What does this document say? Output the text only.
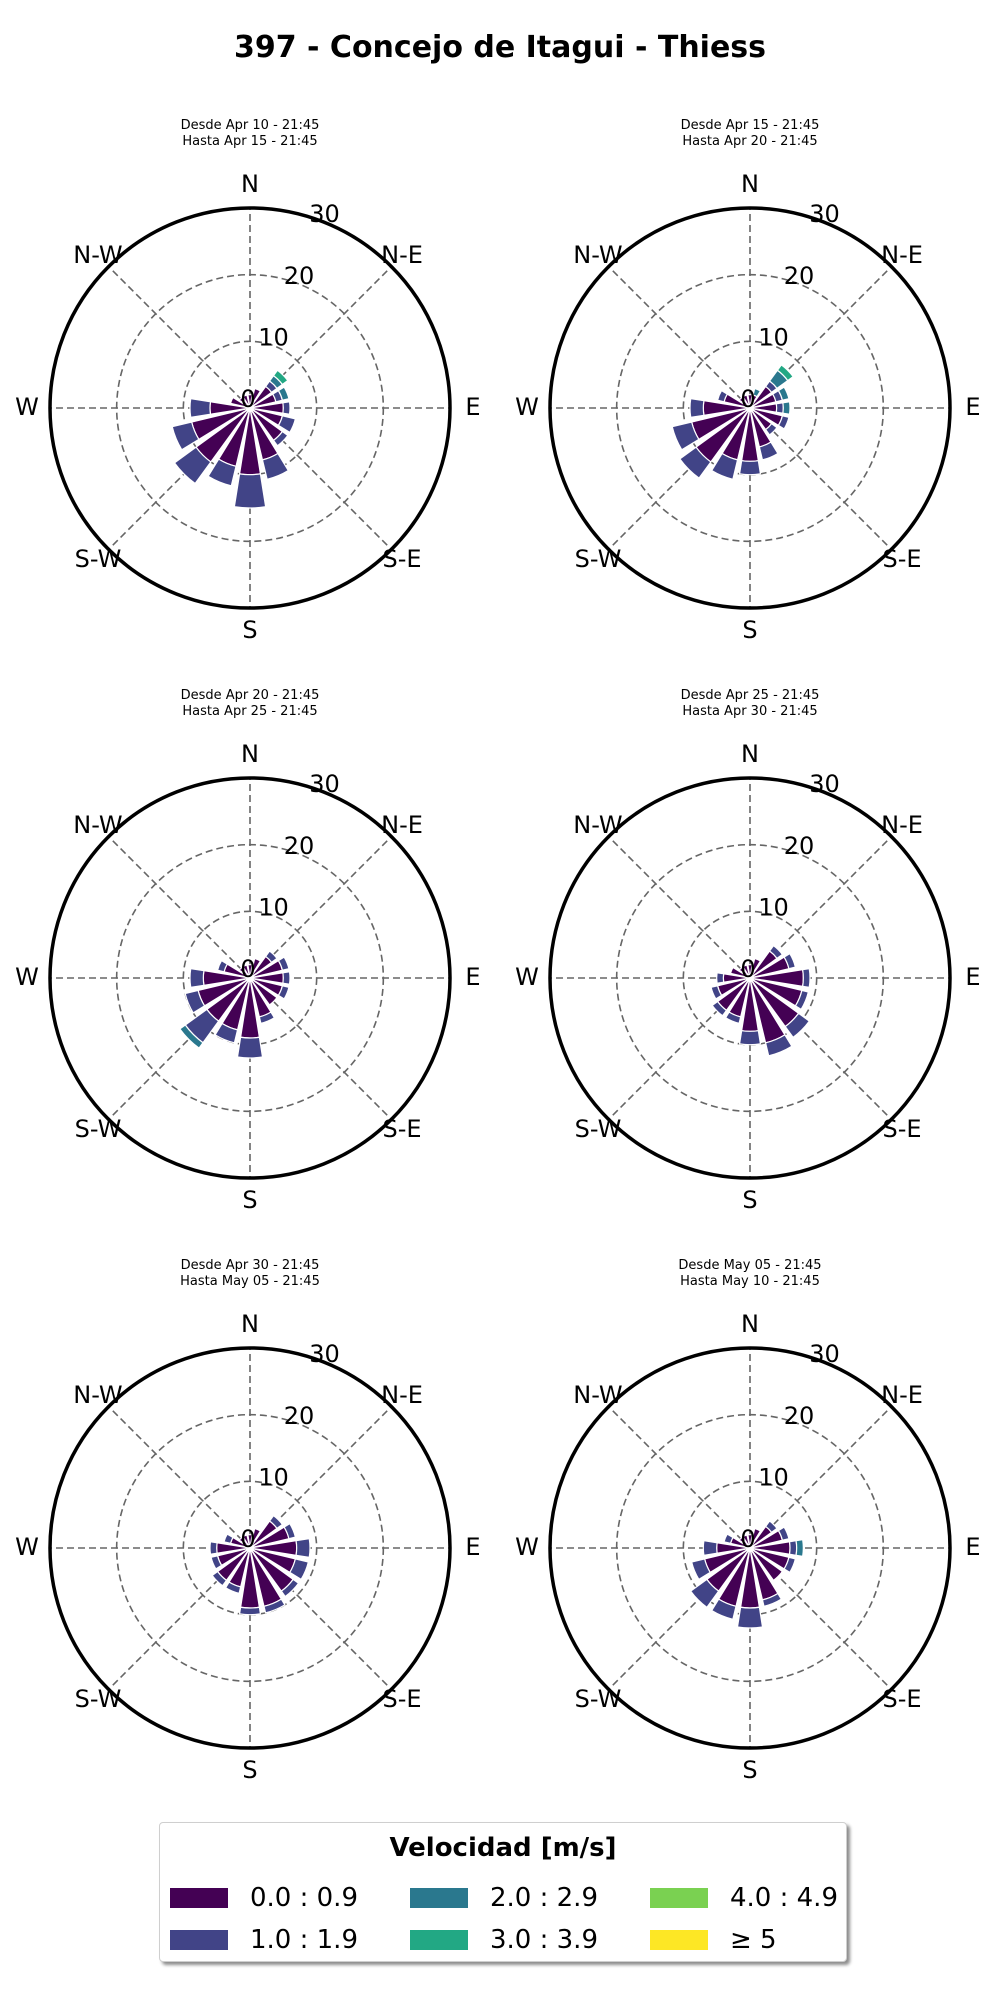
397 - Concejo de Itagui - Thiess
Desde Apr 10 - 21:45
Hasta Apr 15 - 21:45
0
10
20
30
N
N-E
E
S-E
S
S-W
W
N-W
Desde Apr 15 - 21:45
Hasta Apr 20 - 21:45
0
10
20
30
N
N-E
E
S-E
S
S-W
W
N-W
Desde Apr 20 - 21:45
Hasta Apr 25 - 21:45
0
10
20
30
N
N-E
E
S-E
S
S-W
W
N-W
Desde Apr 25 - 21:45
Hasta Apr 30 - 21:45
0
10
20
30
N
N-E
E
S-E
S
S-W
W
N-W
Desde Apr 30 - 21:45
Hasta May 05 - 21:45
0
10
20
30
N
N-E
E
S-E
S
S-W
W
N-W
Desde May 05 - 21:45
Hasta May 10 - 21:45
0
10
20
30
N
N-E
E
S-E
S
S-W
W
N-W
Velocidad [m/s]
0.0 : 0.9
1.0 : 1.9
2.0 : 2.9
3.0 : 3.9
4.0 : 4.9
≥ 5
